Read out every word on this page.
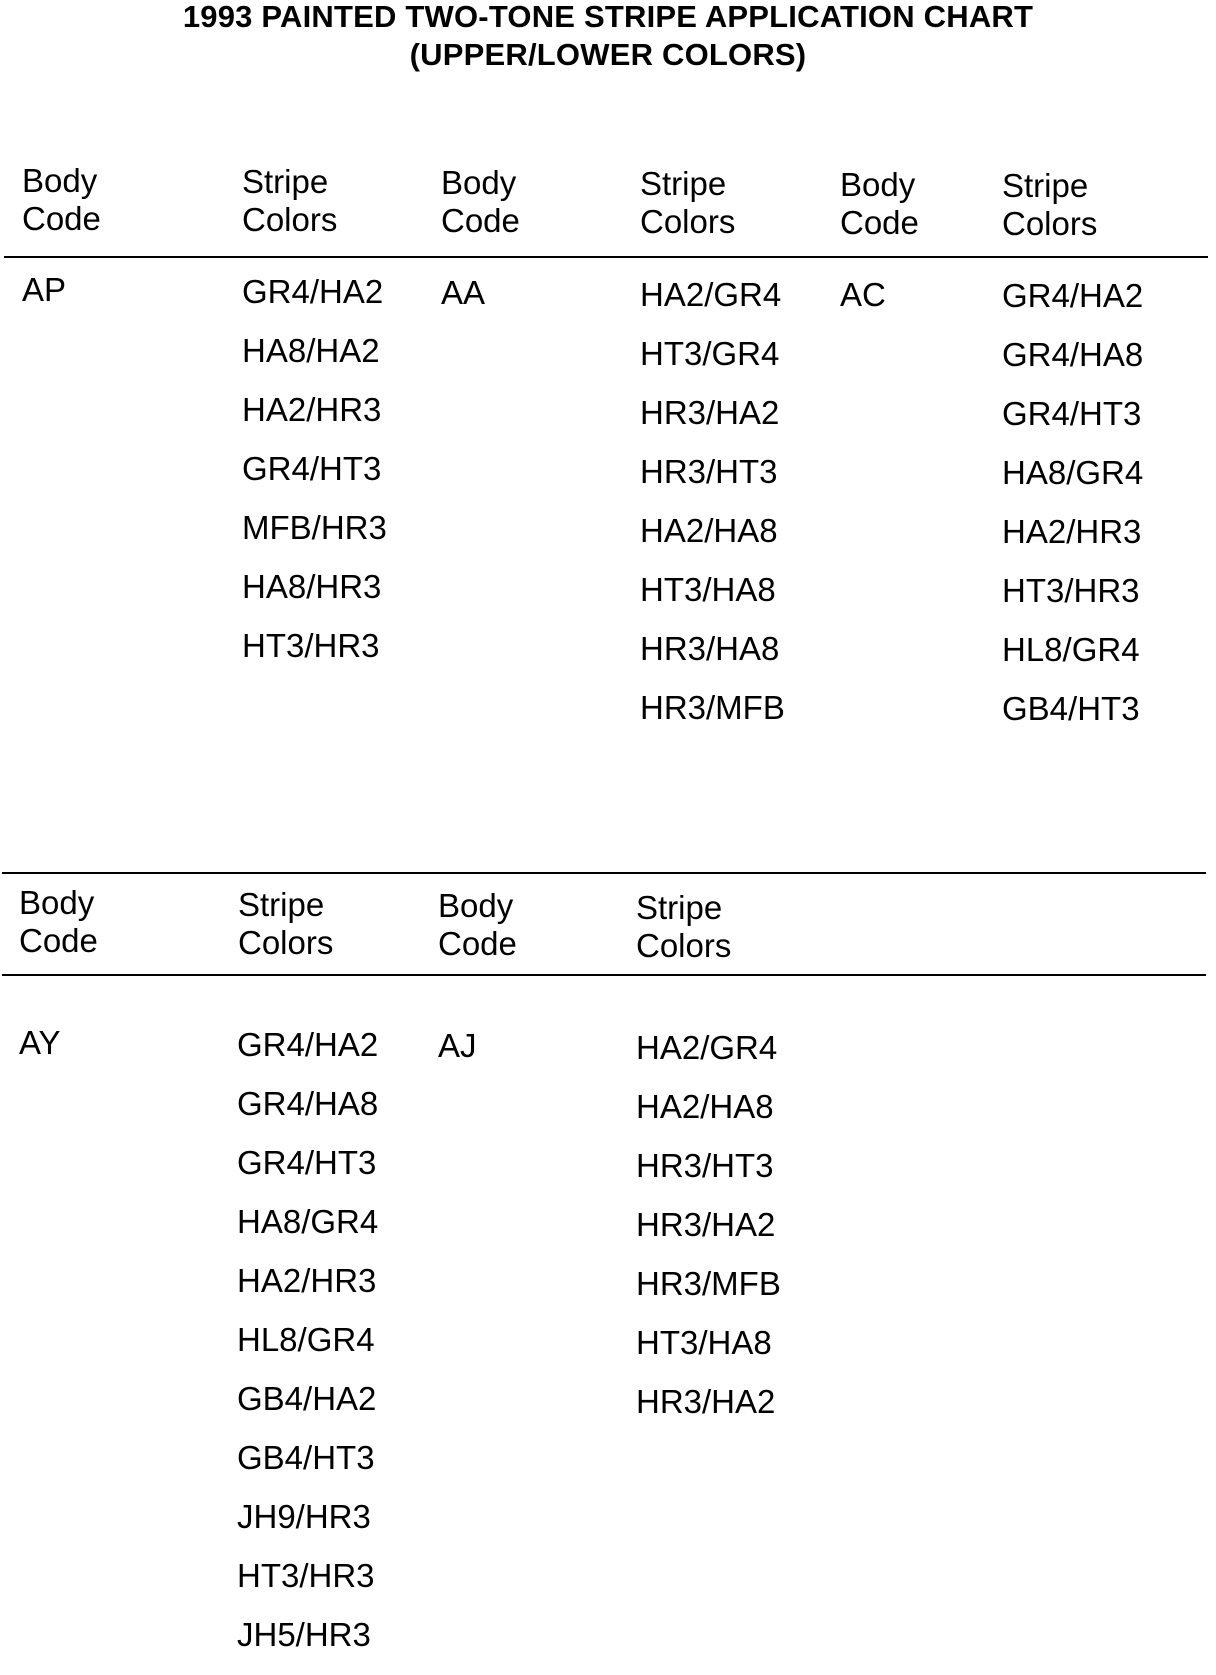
1993 PAINTED TWO-TONE STRIPE APPLICATION CHART
(UPPER/LOWER COLORS)
Body
Code
Stripe
Colors
Body
Code
Stripe
Colors
Body
Code
Stripe
Colors
AP	GR4/HA2
HA8/HA2
HA2/HR3
GR4/HT3
MFB/HR3
HA8/HR3
HT3/HR3
AA	HA2/GR4
HT3/GR4
HR3/HA2
HR3/HT3
HA2/HA8
HT3/HA8
HR3/HA8
HR3/MFB
AC	GR4/HA2
GR4/HA8
GR4/HT3
HA8/GR4
HA2/HR3
HT3/HR3
HL8/GR4
GB4/HT3
Body
Code
Stripe
Colors
Body
Code
Stripe
Colors
AY	GR4/HA2
GR4/HA8
GR4/HT3
HA8/GR4
HA2/HR3
HL8/GR4
GB4/HA2
GB4/HT3
JH9/HR3
HT3/HR3
JH5/HR3
AJ	HA2/GR4
HA2/HA8
HR3/HT3
HR3/HA2
HR3/MFB
HT3/HA8
HR3/HA2
